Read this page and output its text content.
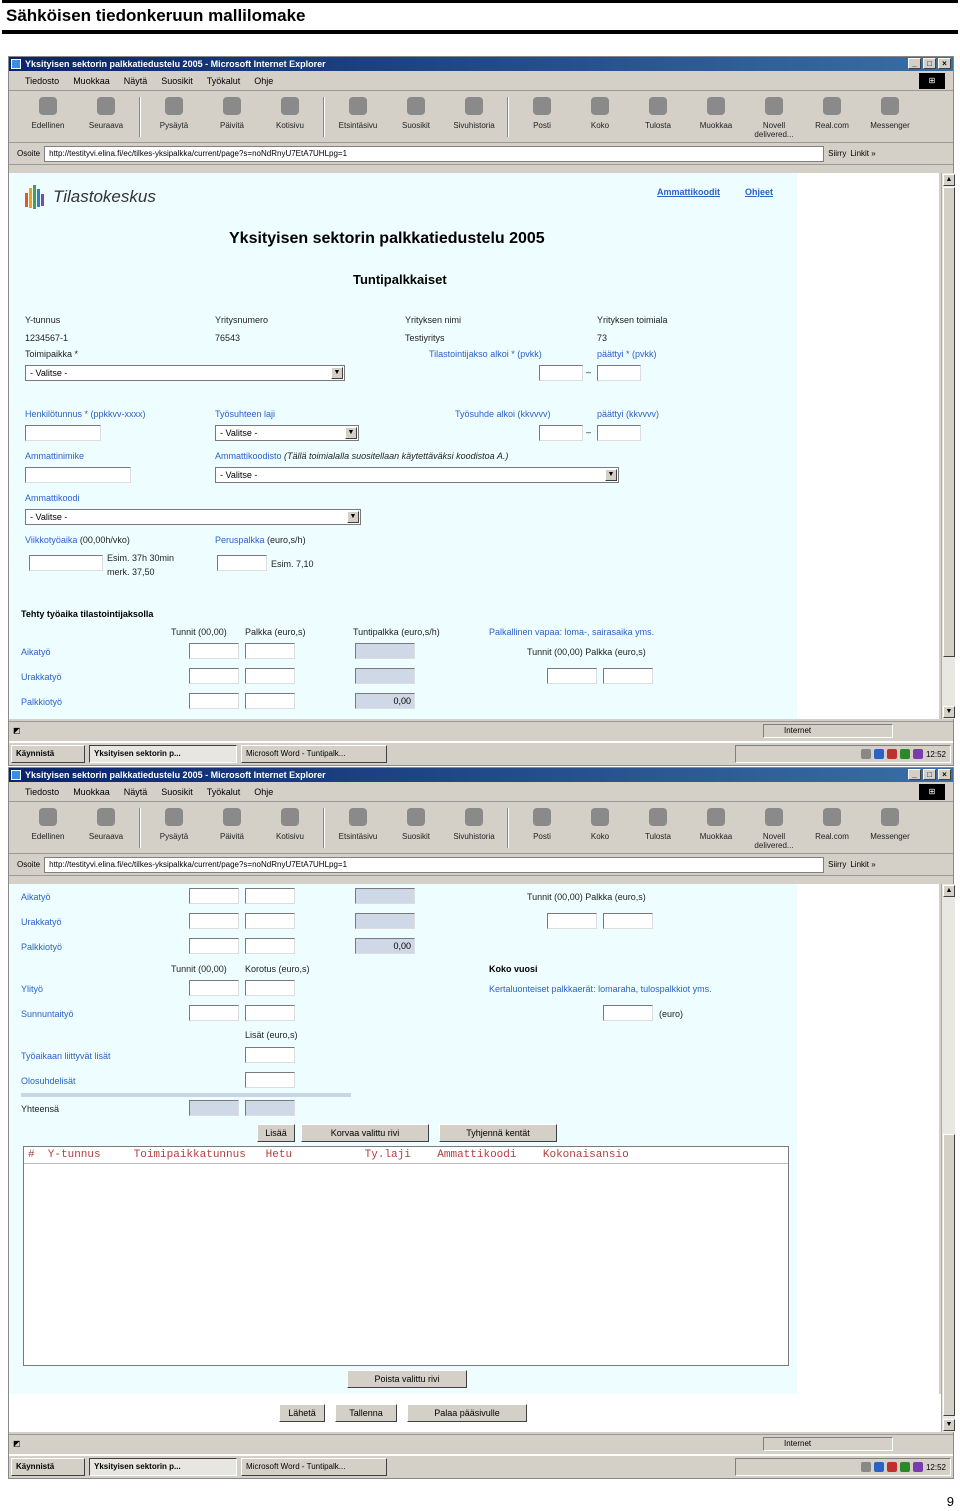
Sähköisen tiedonkeruun mallilomake
Yksityisen sektorin palkkatiedustelu 2005 - Microsoft Internet Explorer	_	□	×
Tiedosto Muokkaa Näytä Suosikit Työkalut Ohje	⊞
Edellinen	Seuraava	Pysäytä	Päivitä	Kotisivu	Etsintäsivu	Suosikit	Sivuhistoria	Posti	Koko	Tulosta	Muokkaa	Novell delivered...
Real.com	Messenger
Osoite	http://testityvi.elinа.fi/ec/tilkes-yksipalkka/current/page?s=noNdRnyU7EtA7UHLpg=1	Siirry Linkit »
Tilastokeskus	Ammattikoodit	Ohjeet
Yksityisen sektorin palkkatiedustelu 2005
Tuntipalkkaiset
Y-tunnus
1234567-1
Yritysnumero
76543
Yrityksen nimi
Testiyritys
Yrityksen toimiala
73
Toimipaikka *
- Valitse -	▼
Tilastointijakso alkoi * (pvkk)	päättyi * (pvkk)
–
Henkilötunnus * (ppkkvv-xxxx)	Työsuhteen laji
- Valitse -	▼
Työsuhde alkoi (kkvvvv)	päättyi (kkvvvv)
–
Ammattinimike	Ammattikoodisto (Tällä toimialalla suositellaan käytettäväksi koodistoa A.)
- Valitse -	▼
Ammattikoodi
- Valitse -	▼
Viikkotyöaika (00,00h/vko)
Esim. 37h 30min
merk. 37,50
Peruspalkka (euro,s/h)
Esim. 7,10
Tehty työaika tilastointijaksolla
Tunnit (00,00) Palkka (euro,s)	Tuntipalkka (euro,s/h)	Palkallinen vapaa: loma-, sairasaika yms.
Tunnit (00,00) Palkka (euro,s)
Aikatyö
Urakkatyö
Palkkiotyö	0,00
▲
▼
◩	Internet
Käynnistä	Yksityisen sektorin p...	Microsoft Word - Tuntipalk...	12:52
Yksityisen sektorin palkkatiedustelu 2005 - Microsoft Internet Explorer	_	□	×
Tiedosto Muokkaa Näytä Suosikit Työkalut Ohje	⊞
Edellinen	Seuraava	Pysäytä	Päivitä	Kotisivu	Etsintäsivu	Suosikit	Sivuhistoria	Posti	Koko	Tulosta	Muokkaa	Novell delivered...
Real.com	Messenger
Osoite	http://testityvi.elinа.fi/ec/tilkes-yksipalkka/current/page?s=noNdRnyU7EtA7UHLpg=1	Siirry Linkit »
Aikatyö	Tunnit (00,00) Palkka (euro,s)
Urakkatyö
Palkkiotyö	0,00
Tunnit (00,00) Korotus (euro,s)	Koko vuosi
Ylityö	Kertaluonteiset palkkaerät: lomaraha, tulospalkkiot yms.
Sunnuntaityö	(euro)
Lisät (euro,s)
Työaikaan liittyvät lisät
Olosuhdelisät
Yhteensä
Lisää	Korvaa valittu rivi	Tyhjennä kentät
#  Y-tunnus     Toimipaikkatunnus   Hetu           Ty.laji    Ammattikoodi    Kokonaisansio
Poista valittu rivi
Lähetä	Tallenna	Palaa pääsivulle
▲
▼
◩	Internet
Käynnistä	Yksityisen sektorin p...	Microsoft Word - Tuntipalk...	12:52
9
